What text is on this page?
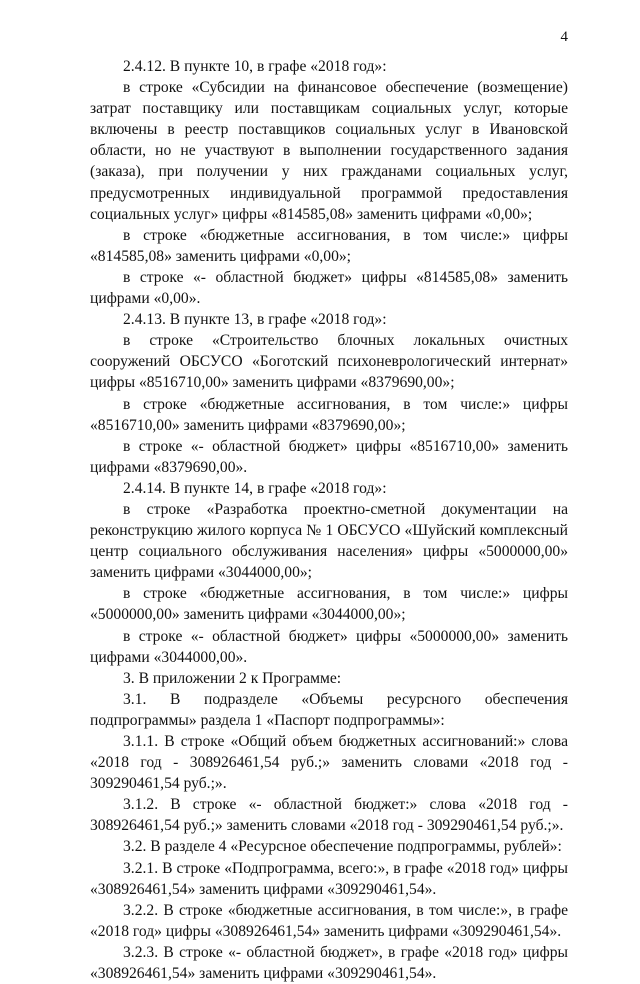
4

2.4.12. В пункте 10, в графе «2018 год»:

в строке «Субсидии на финансовое обеспечение (возмещение) затрат поставщику или поставщикам социальных услуг, которые включены в реестр поставщиков социальных услуг в Ивановской области, но не участвуют в выполнении государственного задания (заказа), при получении у них гражданами социальных услуг, предусмотренных индивидуальной программой предоставления социальных услуг» цифры «814585,08» заменить цифрами «0,00»;

в строке «бюджетные ассигнования, в том числе:» цифры «814585,08» заменить цифрами «0,00»;

в строке «- областной бюджет» цифры «814585,08» заменить цифрами «0,00».

2.4.13. В пункте 13, в графе «2018 год»:

в строке «Строительство блочных локальных очистных сооружений ОБСУСО «Боготский психоневрологический интернат» цифры «8516710,00» заменить цифрами «8379690,00»;

в строке «бюджетные ассигнования, в том числе:» цифры «8516710,00» заменить цифрами «8379690,00»;

в строке «- областной бюджет» цифры «8516710,00» заменить цифрами «8379690,00».

2.4.14. В пункте 14, в графе «2018 год»:

в строке «Разработка проектно-сметной документации на реконструкцию жилого корпуса № 1 ОБСУСО «Шуйский комплексный центр социального обслуживания населения» цифры «5000000,00» заменить цифрами «3044000,00»;

в строке «бюджетные ассигнования, в том числе:» цифры «5000000,00» заменить цифрами «3044000,00»;

в строке «- областной бюджет» цифры «5000000,00» заменить цифрами «3044000,00».

3. В приложении 2 к Программе:

3.1. В подразделе «Объемы ресурсного обеспечения подпрограммы» раздела 1 «Паспорт подпрограммы»:

3.1.1. В строке «Общий объем бюджетных ассигнований:» слова «2018 год - 308926461,54 руб.;» заменить словами «2018 год - 309290461,54 руб.;».

3.1.2. В строке «- областной бюджет:» слова «2018 год - 308926461,54 руб.;» заменить словами «2018 год - 309290461,54 руб.;».

3.2. В разделе 4 «Ресурсное обеспечение подпрограммы, рублей»:

3.2.1. В строке «Подпрограмма, всего:», в графе «2018 год» цифры «308926461,54» заменить цифрами «309290461,54».

3.2.2. В строке «бюджетные ассигнования, в том числе:», в графе «2018 год» цифры «308926461,54» заменить цифрами «309290461,54».

3.2.3. В строке «- областной бюджет», в графе «2018 год» цифры «308926461,54» заменить цифрами «309290461,54».
